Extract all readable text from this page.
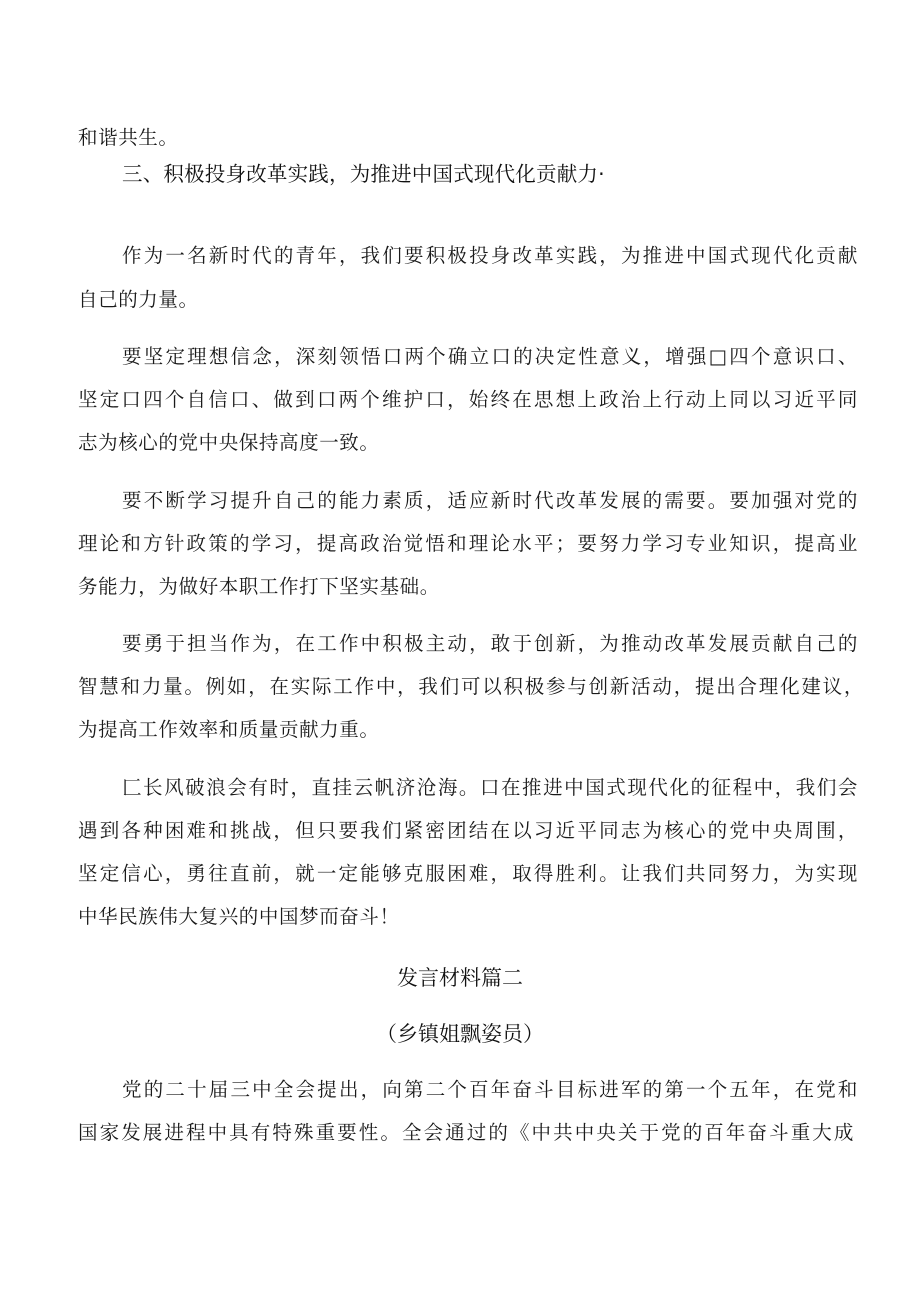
和谐共生。
三、积极投身改革实践，为推进中国式现代化贡献力·
作为一名新时代的青年，我们要积极投身改革实践，为推进中国式现代化贡献
自己的力量。
要坚定理想信念，深刻领悟口两个确立口的决定性意义，增强□四个意识口、
坚定口四个自信口、做到口两个维护口，始终在思想上政治上行动上同以习近平同
志为核心的党中央保持高度一致。
要不断学习提升自己的能力素质，适应新时代改革发展的需要。要加强对党的
理论和方针政策的学习，提高政治觉悟和理论水平；要努力学习专业知识，提高业
务能力，为做好本职工作打下坚实基础。
要勇于担当作为，在工作中积极主动，敢于创新，为推动改革发展贡献自己的
智慧和力量。例如，在实际工作中，我们可以积极参与创新活动，提出合理化建议，
为提高工作效率和质量贡献力重。
匚长风破浪会有时，直挂云帆济沧海。口在推进中国式现代化的征程中，我们会
遇到各种困难和挑战，但只要我们紧密团结在以习近平同志为核心的党中央周围，
坚定信心，勇往直前，就一定能够克服困难，取得胜利。让我们共同努力，为实现
中华民族伟大复兴的中国梦而奋斗！
发言材料篇二
（乡镇姐飘姿员）
党的二十届三中全会提出，向第二个百年奋斗目标进军的第一个五年，在党和
国家发展进程中具有特殊重要性。全会通过的《中共中央关于党的百年奋斗重大成
